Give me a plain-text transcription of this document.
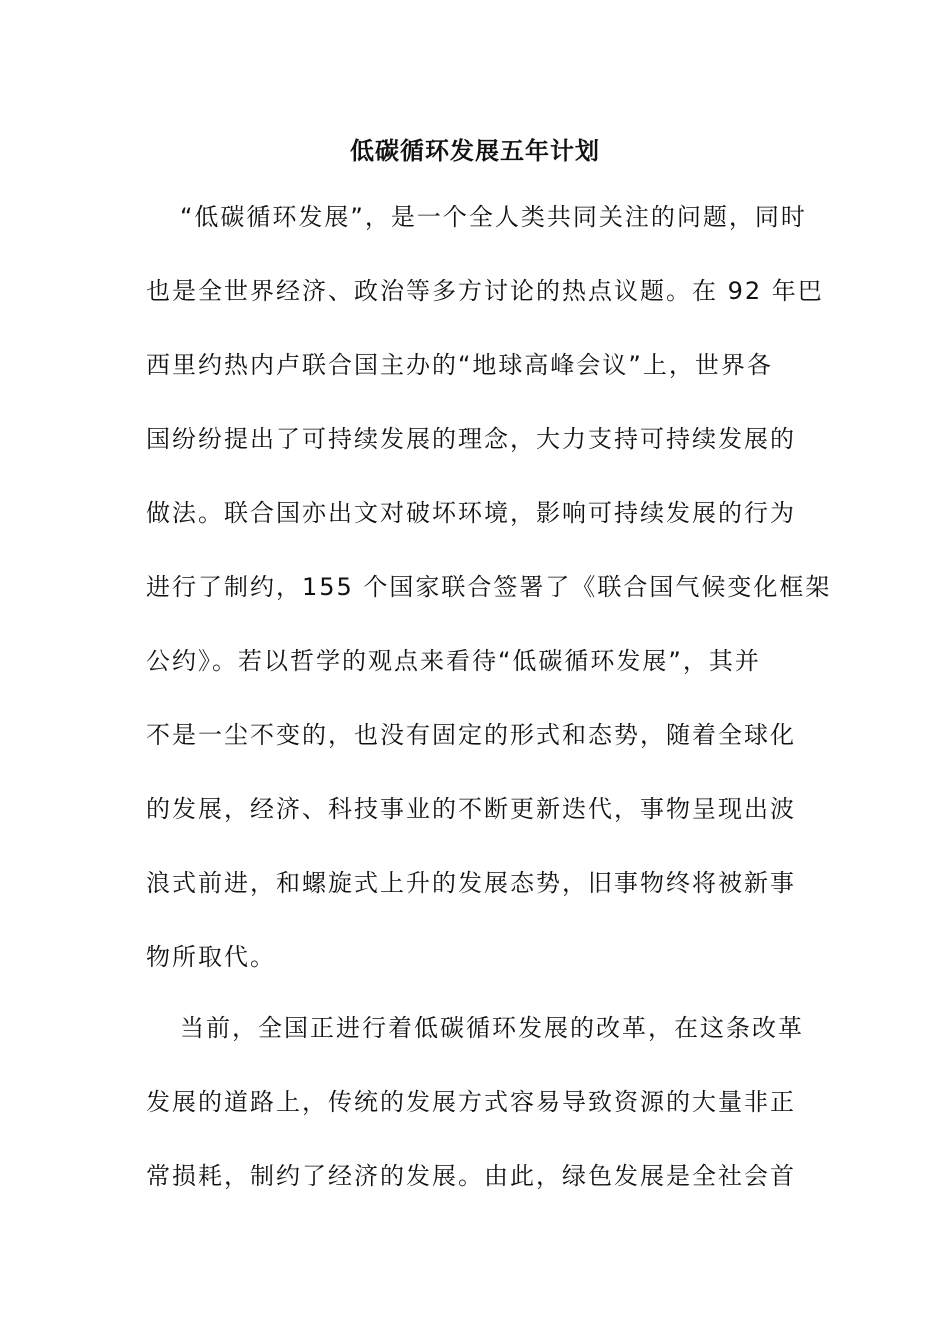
低碳循环发展五年计划

“低碳循环发展”，是一个全人类共同关注的问题，同时

也是全世界经济、政治等多方讨论的热点议题。在 92 年巴

西里约热内卢联合国主办的“地球高峰会议”上，世界各

国纷纷提出了可持续发展的理念，大力支持可持续发展的

做法。联合国亦出文对破坏环境，影响可持续发展的行为

进行了制约，155 个国家联合签署了《联合国气候变化框架

公约》。若以哲学的观点来看待“低碳循环发展”，其并

不是一尘不变的，也没有固定的形式和态势，随着全球化

的发展，经济、科技事业的不断更新迭代，事物呈现出波

浪式前进，和螺旋式上升的发展态势，旧事物终将被新事

物所取代。

当前，全国正进行着低碳循环发展的改革，在这条改革

发展的道路上，传统的发展方式容易导致资源的大量非正

常损耗，制约了经济的发展。由此，绿色发展是全社会首
